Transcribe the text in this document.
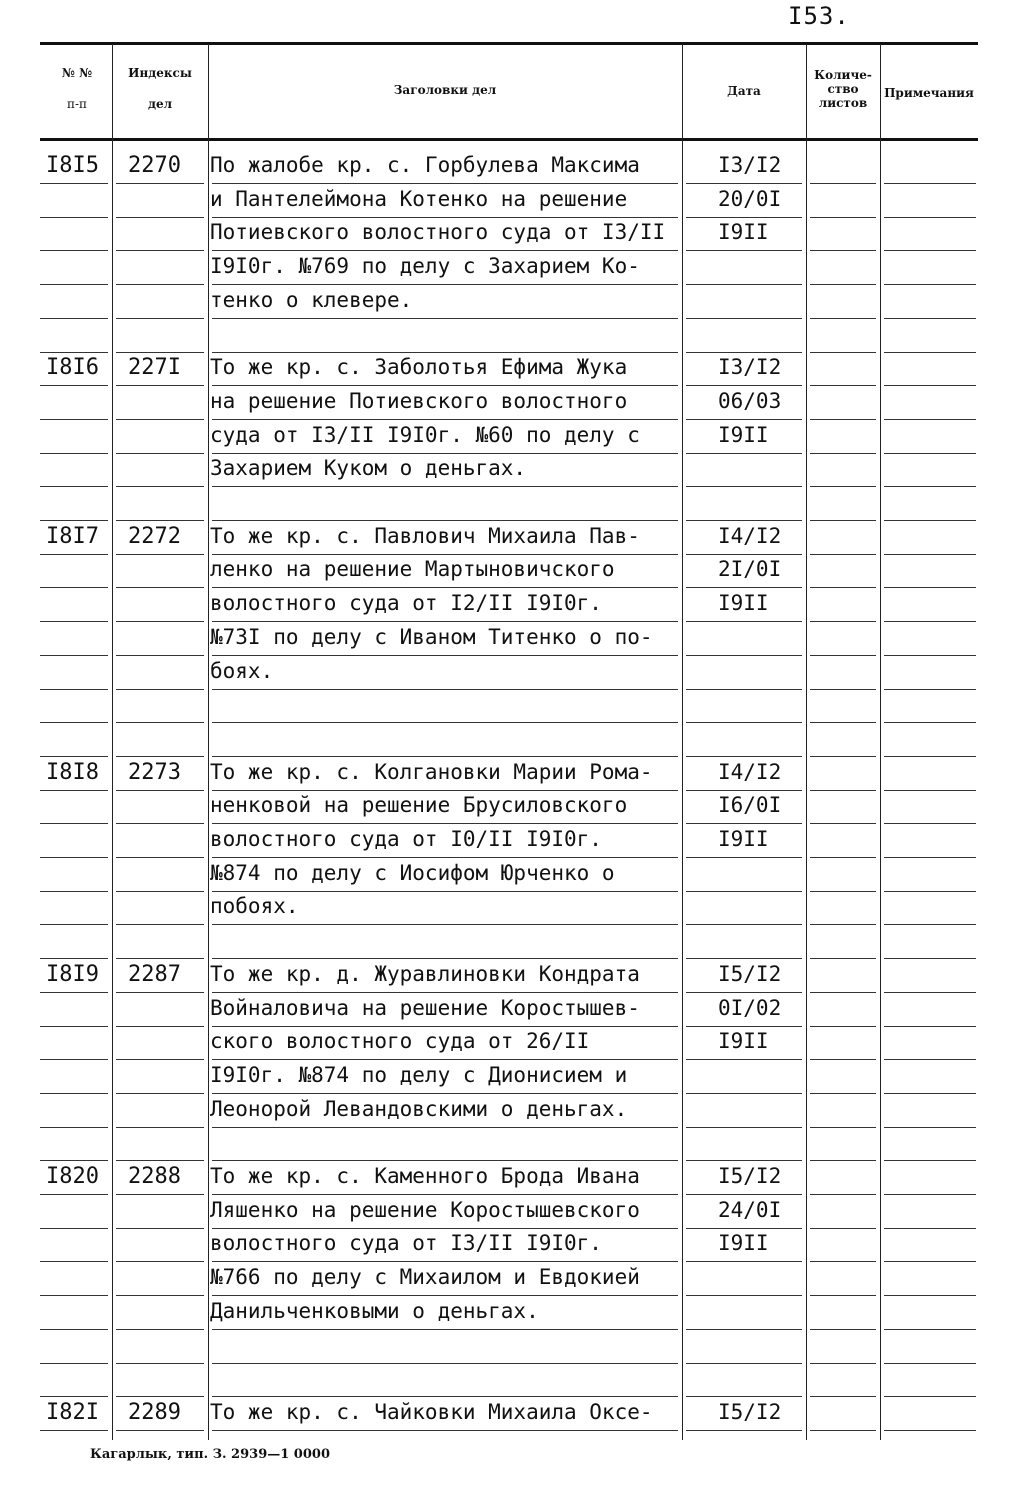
I53.
№ №
п-п
Индексы
дел
Заголовки дел	Дата
Количе-
ство
листов
Примечания
I8I5 2270 По жалобе кр. с. Горбулева Максима
и Пантелеймона Котенко на решение
Потиевского волостного суда от I3/II
I9I0г. №769 по делу с Захарием Ко-
тенко о клевере.
I3/I2
20/0I
I9II
I8I6 227I То же кр. с. Заболотья Ефима Жука
на решение Потиевского волостного
суда от I3/II I9I0г. №60 по делу с
Захарием Куком о деньгах.
I3/I2
06/03
I9II
I8I7 2272 То же кр. с. Павлович Михаила Пав-
ленко на решение Мартыновичского
волостного суда от I2/II I9I0г.
№73I по делу с Иваном Титенко о по-
боях.
I4/I2
2I/0I
I9II
I8I8 2273 То же кр. с. Колгановки Марии Рома-
ненковой на решение Брусиловского
волостного суда от I0/II I9I0г.
№874 по делу с Иосифом Юрченко о
побоях.
I4/I2
I6/0I
I9II
I8I9 2287 То же кр. д. Журавлиновки Кондрата
Войналовича на решение Коростышев-
ского волостного суда от 26/II
I9I0г. №874 по делу с Дионисием и
Леонорой Левандовскими о деньгах.
I5/I2
0I/02
I9II
I820 2288 То же кр. с. Каменного Брода Ивана
Ляшенко на решение Коростышевского
волостного суда от I3/II I9I0г.
№766 по делу с Михаилом и Евдокией
Данильченковыми о деньгах.
I5/I2
24/0I
I9II
I82I 2289 То же кр. с. Чайковки Михаила Оксе-	I5/I2
Кагарлык, тип. З. 2939—1 0000
